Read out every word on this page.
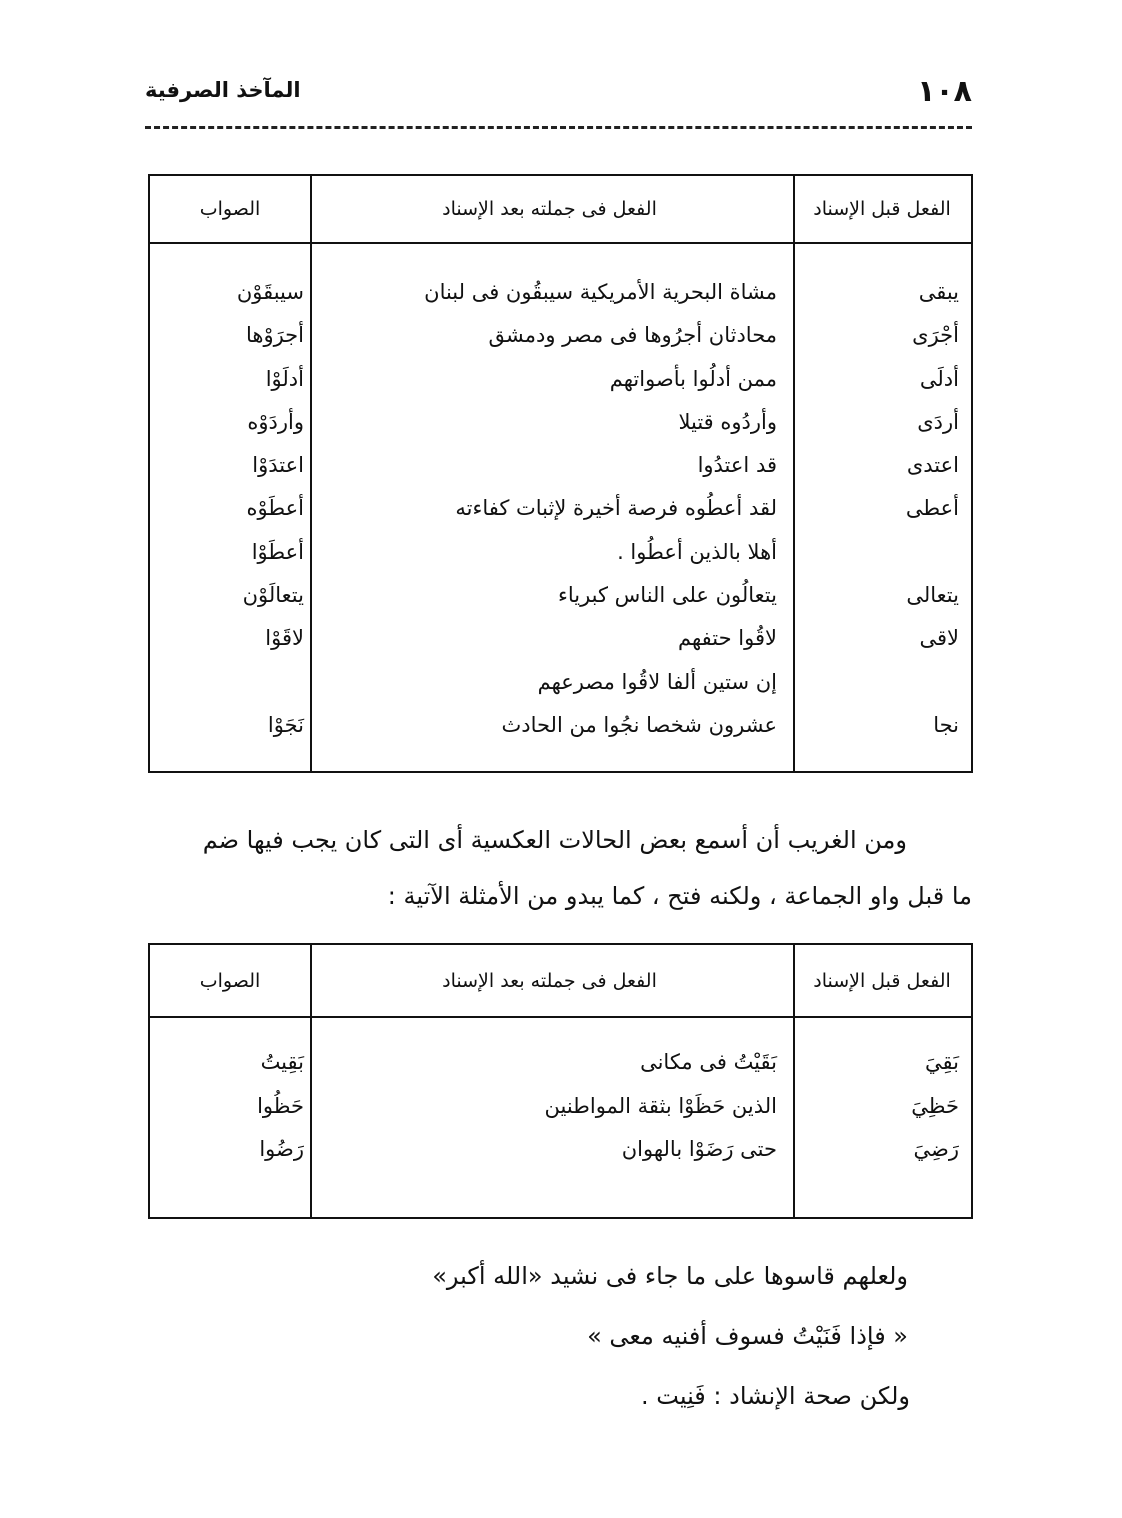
١٠٨
المآخذ الصرفية
الفعل قبل الإسناد
الفعل فى جملته بعد الإسناد
الصواب
يبقى
مشاة البحرية الأمريكية سيبقُون فى لبنان
سيبقَوْن
أجْرَى
محادثان أجرُوها فى مصر ودمشق
أجرَوْها
أدلَى
ممن أدلُوا بأصواتهم
أدلَوْا
أردَى
وأردُوه قتيلا
وأردَوْه
اعتدى
قد اعتدُوا
اعتدَوْا
أعطى
لقد أعطُوه فرصة أخيرة لإثبات كفاءته
أعطَوْه
أهلا بالذين أعطُوا .
أعطَوْا
يتعالى
يتعالُون على الناس كبرياء
يتعالَوْن
لاقى
لاقُوا حتفهم
لاقَوْا
إن ستين ألفا لاقُوا مصرعهم
نجا
عشرون شخصا نجُوا من الحادث
نَجَوْا
ومن الغريب أن أسمع بعض الحالات العكسية أى التى كان يجب فيها ضم
ما قبل واو الجماعة ، ولكنه فتح ، كما يبدو من الأمثلة الآتية :
الفعل قبل الإسناد
الفعل فى جملته بعد الإسناد
الصواب
بَقِيَ
بَقَيْتُ فى مكانى
بَقِيتُ
حَظِيَ
الذين حَظَوْا بثقة المواطنين
حَظُوا
رَضِيَ
حتى رَضَوْا بالهوان
رَضُوا
ولعلهم قاسوها على ما جاء فى نشيد «الله أكبر»
« فإذا فَنَيْتُ فسوف أفنيه معى »
ولكن صحة الإنشاد : فَنِيت .
